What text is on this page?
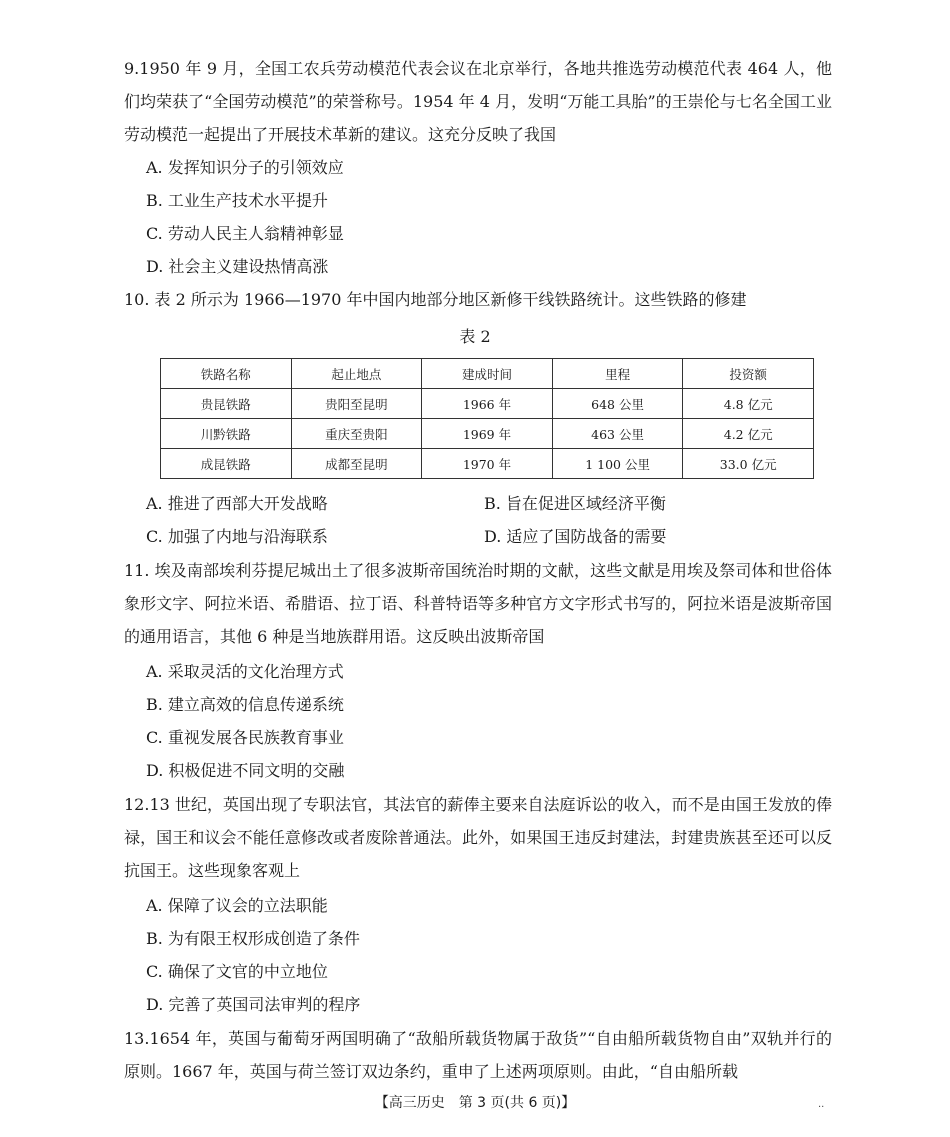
9.1950 年 9 月，全国工农兵劳动模范代表会议在北京举行，各地共推选劳动模范代表 464 人，他们均荣获了“全国劳动模范”的荣誉称号。1954 年 4 月，发明“万能工具胎”的王崇伦与七名全国工业劳动模范一起提出了开展技术革新的建议。这充分反映了我国
A. 发挥知识分子的引领效应
B. 工业生产技术水平提升
C. 劳动人民主人翁精神彰显
D. 社会主义建设热情高涨
10. 表 2 所示为 1966—1970 年中国内地部分地区新修干线铁路统计。这些铁路的修建
表 2
铁路名称	起止地点	建成时间	里程	投资额
贵昆铁路	贵阳至昆明	1966 年	648 公里	4.8 亿元
川黔铁路	重庆至贵阳	1969 年	463 公里	4.2 亿元
成昆铁路	成都至昆明	1970 年	1 100 公里	33.0 亿元
A. 推进了西部大开发战略	B. 旨在促进区域经济平衡
C. 加强了内地与沿海联系	D. 适应了国防战备的需要
11. 埃及南部埃利芬提尼城出土了很多波斯帝国统治时期的文献，这些文献是用埃及祭司体和世俗体象形文字、阿拉米语、希腊语、拉丁语、科普特语等多种官方文字形式书写的，阿拉米语是波斯帝国的通用语言，其他 6 种是当地族群用语。这反映出波斯帝国
A. 采取灵活的文化治理方式
B. 建立高效的信息传递系统
C. 重视发展各民族教育事业
D. 积极促进不同文明的交融
12.13 世纪，英国出现了专职法官，其法官的薪俸主要来自法庭诉讼的收入，而不是由国王发放的俸禄，国王和议会不能任意修改或者废除普通法。此外，如果国王违反封建法，封建贵族甚至还可以反抗国王。这些现象客观上
A. 保障了议会的立法职能
B. 为有限王权形成创造了条件
C. 确保了文官的中立地位
D. 完善了英国司法审判的程序
13.1654 年，英国与葡萄牙两国明确了“敌船所载货物属于敌货”“自由船所载货物自由”双轨并行的原则。1667 年，英国与荷兰签订双边条约，重申了上述两项原则。由此，“自由船所载
【高三历史　第 3 页(共 6 页)】	..
